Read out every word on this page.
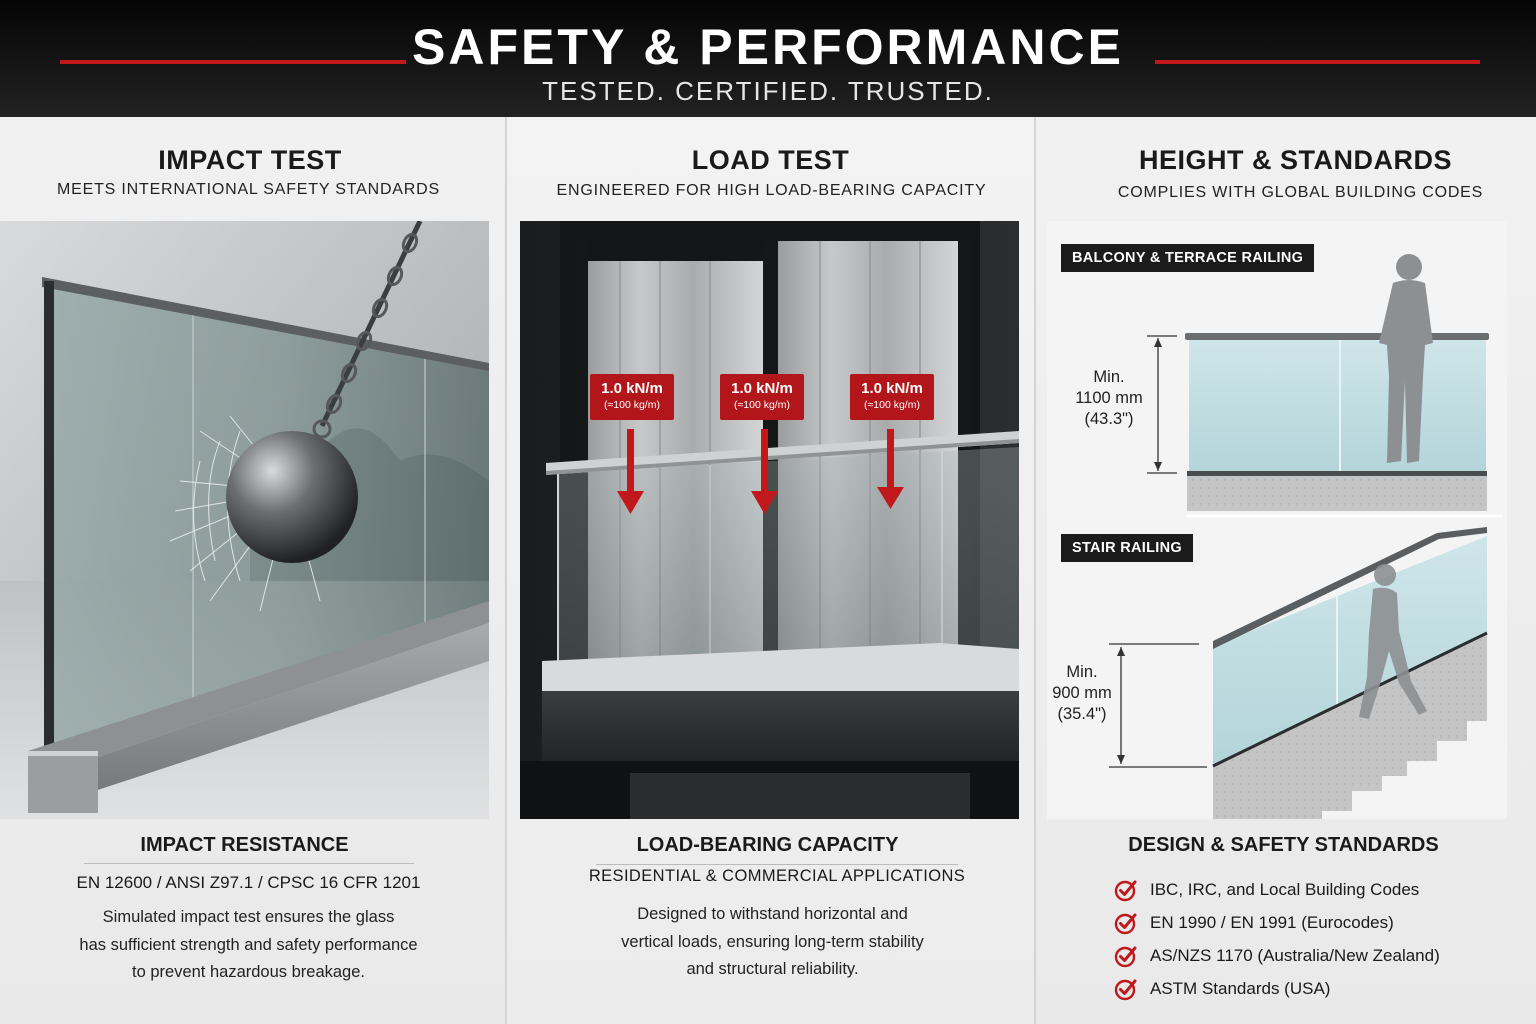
SAFETY & PERFORMANCE
TESTED. CERTIFIED. TRUSTED.
IMPACT TEST
MEETS INTERNATIONAL SAFETY STANDARDS
IMPACT RESISTANCE
EN 12600 / ANSI Z97.1 / CPSC 16 CFR 1201
Simulated impact test ensures the glass
has sufficient strength and safety performance
to prevent hazardous breakage.
LOAD TEST
ENGINEERED FOR HIGH LOAD-BEARING CAPACITY
1.0 kN/m
(≈100 kg/m)
1.0 kN/m
(≈100 kg/m)
1.0 kN/m
(≈100 kg/m)
LOAD-BEARING CAPACITY
RESIDENTIAL & COMMERCIAL APPLICATIONS
Designed to withstand horizontal and
vertical loads, ensuring long-term stability
and structural reliability.
HEIGHT & STANDARDS
COMPLIES WITH GLOBAL BUILDING CODES
BALCONY & TERRACE RAILING
Min.
1100 mm
(43.3")
STAIR RAILING
Min.
900 mm
(35.4")
DESIGN & SAFETY STANDARDS
IBC, IRC, and Local Building Codes
EN 1990 / EN 1991 (Eurocodes)
AS/NZS 1170 (Australia/New Zealand)
ASTM Standards (USA)
